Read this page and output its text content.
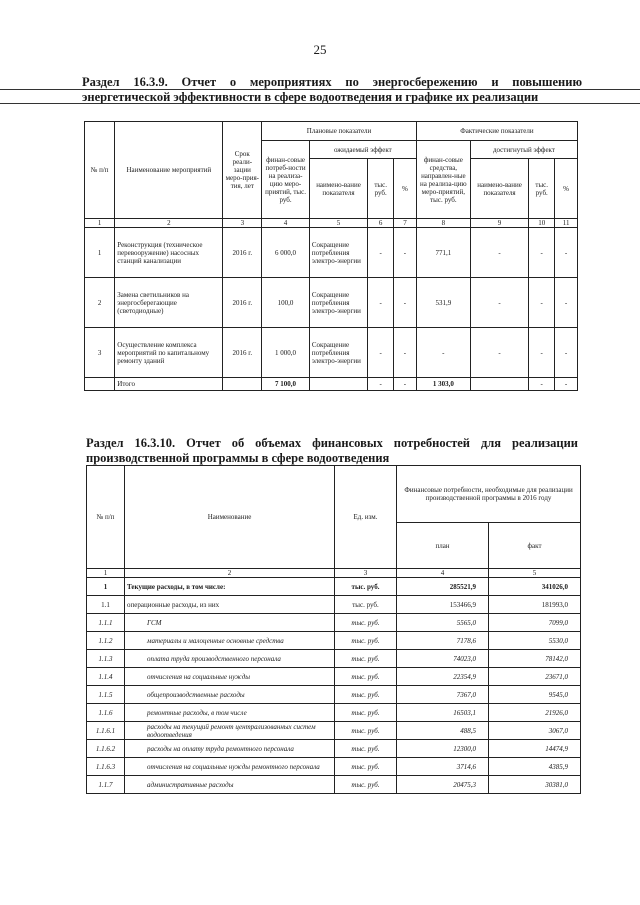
25
Раздел 16.3.9. Отчет о мероприятиях по энергосбережению и повышению энергетической эффективности в сфере водоотведения и графике их реализации
№ п/п	Наименование мероприятий	Срок реали-зации меро-прия-тия, лет	Плановые показатели				Фактические показатели			
			финан-совые потреб-ности на реализа-цию меро-приятий, тыс. руб.	ожидаемый эффект			финан-совые средства, направлен-ные на реализа-цию меро-приятий, тыс. руб.	достигнутый эффект		
				наимено-вание показателя	тыс. руб.	%		наимено-вание показателя	тыс. руб.	%
1	2	3	4	5	6	7	8	9	10	11
1	Реконструкция (техническое перевооружение) насосных станций канализации	2016 г.	6 000,0	Сокращение потребления электро-энергии	-	-	771,1	-	-	-
2	Замена светильников на энергосберегающие (светодиодные)	2016 г.	100,0	Сокращение потребления электро-энергии	-	-	531,9	-	-	-
3	Осуществление комплекса мероприятий по капитальному ремонту зданий	2016 г.	1 000,0	Сокращение потребления электро-энергии	-	-	-	-	-	-
	Итого		7 100,0		-	-	1 303,0		-	-
Раздел 16.3.10. Отчет об объемах финансовых потребностей для реализации производственной программы в сфере водоотведения
№ п/п	Наименование	Ед. изм.	Финансовые потребности, необходимые для реализации производственной программы в 2016 году	
			план	факт
1	2	3	4	5
1	Текущие расходы, в том числе:	тыс. руб.	285521,9	341026,0
1.1	операционные расходы, из них	тыс. руб.	153466,9	181993,0
1.1.1	ГСМ	тыс. руб.	5565,0	7099,0
1.1.2	материалы и малоценные основные средства	тыс. руб.	7178,6	5530,0
1.1.3	оплата труда производственного персонала	тыс. руб.	74023,0	78142,0
1.1.4	отчисления на социальные нужды	тыс. руб.	22354,9	23671,0
1.1.5	общепроизводственные расходы	тыс. руб.	7367,0	9545,0
1.1.6	ремонтные расходы, в том числе	тыс. руб.	16503,1	21926,0
1.1.6.1	расходы на текущий ремонт централизованных систем водоотведения	тыс. руб.	488,5	3067,0
1.1.6.2	расходы на оплату труда ремонтного персонала	тыс. руб.	12300,0	14474,9
1.1.6.3	отчисления на социальные нужды ремонтного персонала	тыс. руб.	3714,6	4385,9
1.1.7	административные расходы	тыс. руб.	20475,3	30381,0
